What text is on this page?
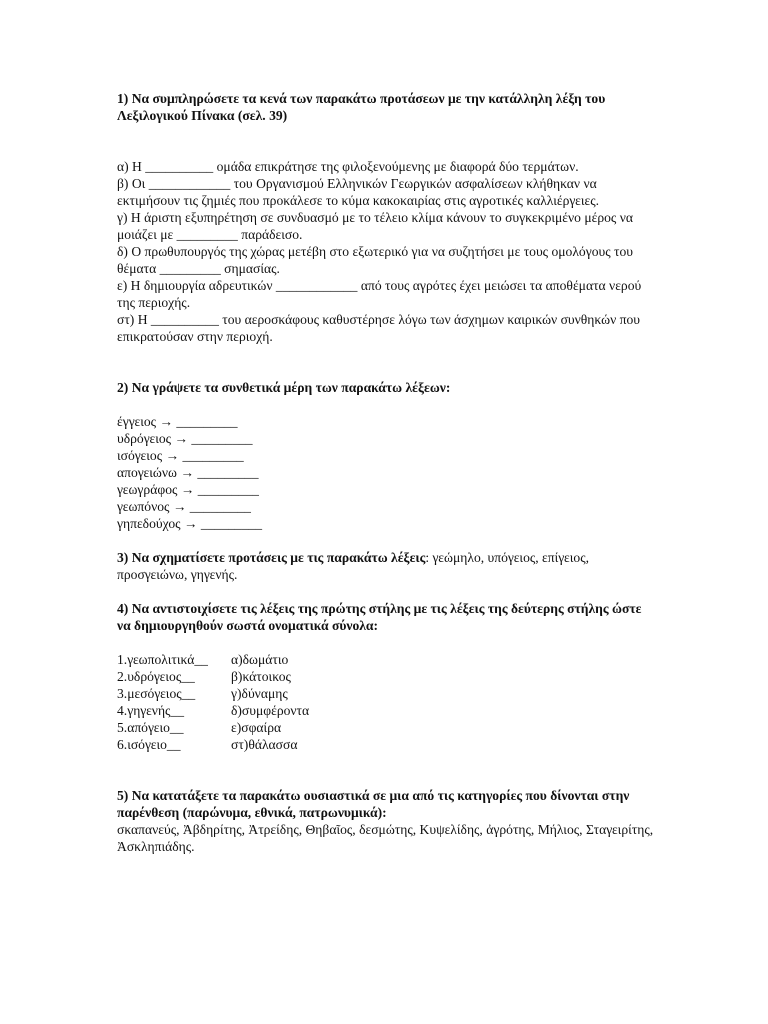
1) Να συμπληρώσετε τα κενά των παρακάτω προτάσεων με την κατάλληλη λέξη του Λεξιλογικού Πίνακα (σελ. 39)

α) Η __________ ομάδα επικράτησε της φιλοξενούμενης με διαφορά δύο τερμάτων.

β) Οι ____________ του Οργανισμού Ελληνικών Γεωργικών ασφαλίσεων κλήθηκαν να εκτιμήσουν τις ζημιές που προκάλεσε το κύμα κακοκαιρίας στις αγροτικές καλλιέργειες.

γ) Η άριστη εξυπηρέτηση σε συνδυασμό με το τέλειο κλίμα κάνουν το συγκεκριμένο μέρος να μοιάζει με _________ παράδεισο.

δ) Ο πρωθυπουργός της χώρας μετέβη στο εξωτερικό για να συζητήσει με τους ομολόγους του θέματα _________ σημασίας.

ε) Η δημιουργία αδρευτικών ____________ από τους αγρότες έχει μειώσει τα αποθέματα νερού της περιοχής.

στ) Η __________ του αεροσκάφους καθυστέρησε λόγω των άσχημων καιρικών συνθηκών που επικρατούσαν στην περιοχή.

2) Να γράψετε τα συνθετικά μέρη των παρακάτω λέξεων:

έγγειος → _________

υδρόγειος → _________

ισόγειος → _________

απογειώνω → _________

γεωγράφος → _________

γεωπόνος → _________

γηπεδούχος → _________

3) Να σχηματίσετε προτάσεις με τις παρακάτω λέξεις: γεώμηλο, υπόγειος, επίγειος, προσγειώνω, γηγενής.

4) Να αντιστοιχίσετε τις λέξεις της πρώτης στήλης με τις λέξεις της δεύτερης στήλης ώστε να δημιουργηθούν σωστά ονοματικά σύνολα:

1.γεωπολιτικά__	α)δωμάτιο
2.υδρόγειος__	β)κάτοικος
3.μεσόγειος__	γ)δύναμης
4.γηγενής__	δ)συμφέροντα
5.απόγειο__	ε)σφαίρα
6.ισόγειο__	στ)θάλασσα

5) Να κατατάξετε τα παρακάτω ουσιαστικά σε μια από τις κατηγορίες που δίνονται στην παρένθεση (παρώνυμα, εθνικά, πατρωνυμικά):

σκαπανεύς, Ἀβδηρίτης, Ἀτρείδης, Θηβαῖος, δεσμώτης, Κυψελίδης, ἀγρότης, Μήλιος, Σταγειρίτης, Ἀσκληπιάδης.
